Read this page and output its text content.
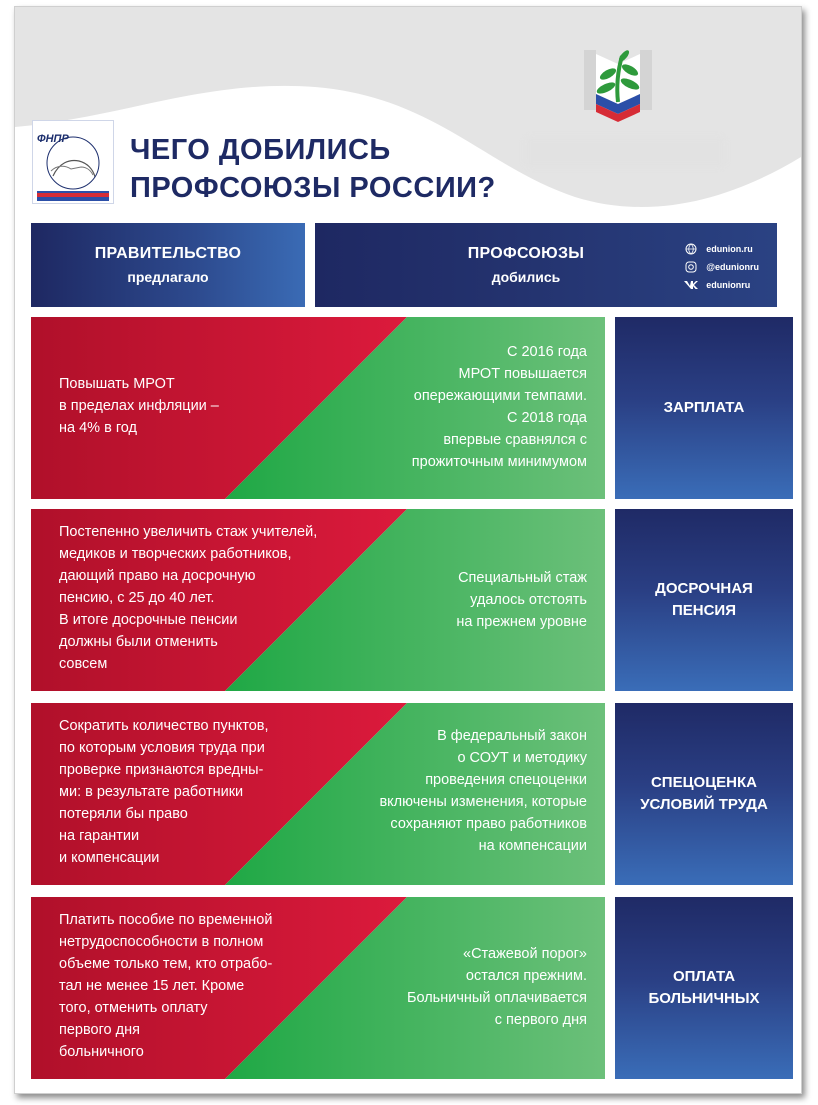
ФНПР ЧЕГО ДОБИЛИСЬ
ПРОФСОЮЗЫ РОССИИ?
ПРАВИТЕЛЬСТВО
предлагало
ПРОФСОЮЗЫ
добились
edunion.ru
@edunionru
edunionru

Повышать МРОТ
в пределах инфляции –
на 4% в год

С 2016 года
МРОТ повышается
опережающими темпами.
С 2018 года
впервые сравнялся с
прожиточным минимумом

ЗАРПЛАТА

Постепенно увеличить стаж учителей,
медиков и творческих работников,
дающий право на досрочную
пенсию, с 25 до 40 лет.
В итоге досрочные пенсии
должны были отменить
совсем

Специальный стаж
удалось отстоять
на прежнем уровне

ДОСРОЧНАЯ
ПЕНСИЯ

Сократить количество пунктов,
по которым условия труда при
проверке признаются вредны-
ми: в результате работники
потеряли бы право
на гарантии
и компенсации

В федеральный закон
о СОУТ и методику
проведения спецоценки
включены изменения, которые
сохраняют право работников
на компенсации

СПЕЦОЦЕНКА
УСЛОВИЙ ТРУДА

Платить пособие по временной
нетрудоспособности в полном
объеме только тем, кто отрабо-
тал не менее 15 лет. Кроме
того, отменить оплату
первого дня
больничного

«Стажевой порог»
остался прежним.
Больничный оплачивается
с первого дня

ОПЛАТА
БОЛЬНИЧНЫХ
